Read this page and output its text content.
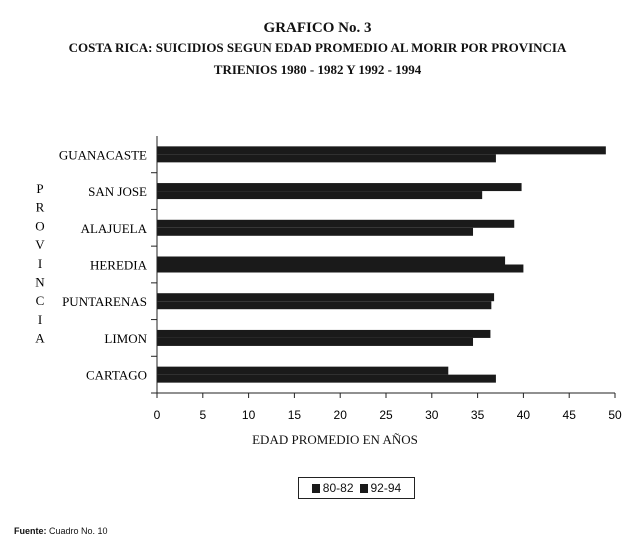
GRAFICO No. 3
COSTA RICA: SUICIDIOS SEGUN EDAD PROMEDIO AL MORIR POR PROVINCIA
TRIENIOS 1980 - 1982 Y 1992 - 1994
P
R
O
V
I
N
C
I
A
GUANACASTE
SAN JOSE
ALAJUELA
HEREDIA
PUNTARENAS
LIMON
CARTAGO
0	5	10	15	20	25	30	35	40	45	50
EDAD PROMEDIO EN AÑOS
80-82 92-94
Fuente: Cuadro No. 10
